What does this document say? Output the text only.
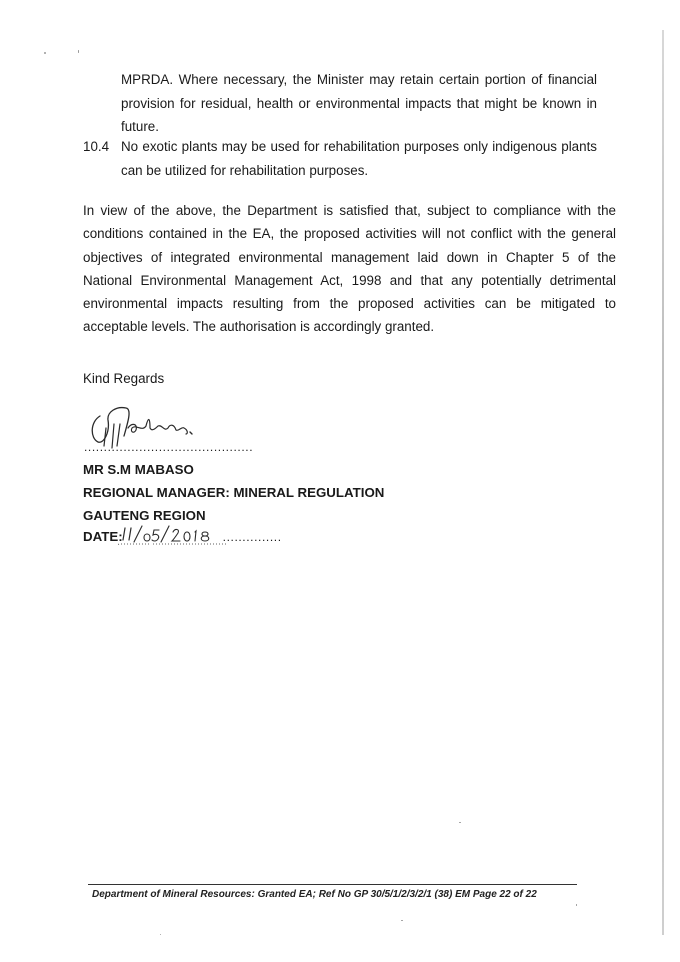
MPRDA. Where necessary, the Minister may retain certain portion of financial provision for residual, health or environmental impacts that might be known in future.
10.4 No exotic plants may be used for rehabilitation purposes only indigenous plants can be utilized for rehabilitation purposes.
In view of the above, the Department is satisfied that, subject to compliance with the conditions contained in the EA, the proposed activities will not conflict with the general objectives of integrated environmental management laid down in Chapter 5 of the National Environmental Management Act, 1998 and that any potentially detrimental environmental impacts resulting from the proposed activities can be mitigated to acceptable levels. The authorisation is accordingly granted.
Kind Regards
...........................................
MR S.M MABASO
REGIONAL MANAGER: MINERAL REGULATION
GAUTENG REGION
DATE:	...............
Department of Mineral Resources: Granted EA; Ref No GP 30/5/1/2/3/2/1 (38) EM Page 22 of 22
